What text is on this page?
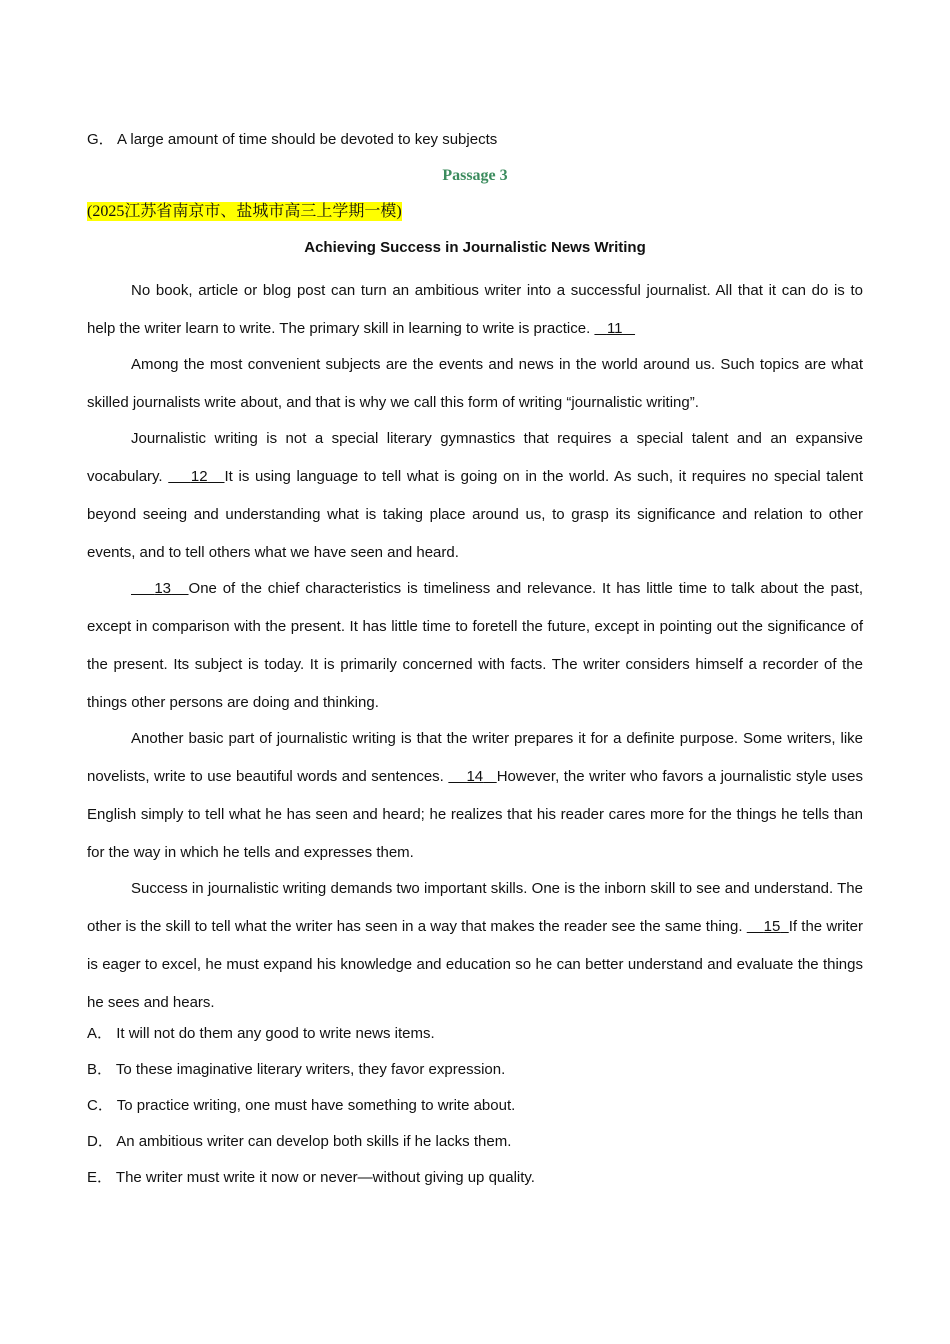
G． A large amount of time should be devoted to key subjects

Passage 3

(2025江苏省南京市、盐城市高三上学期一模)

Achieving Success in Journalistic News Writing

No book, article or blog post can turn an ambitious writer into a successful journalist. All that it can do is to help the writer learn to write. The primary skill in learning to write is practice.    11

Among the most convenient subjects are the events and news in the world around us. Such topics are what skilled journalists write about, and that is why we call this form of writing “journalistic writing”.

Journalistic writing is not a special literary gymnastics that requires a special talent and an expansive vocabulary.     12 It is using language to tell what is going on in the world. As such, it requires no special talent beyond seeing and understanding what is taking place around us, to grasp its significance and relation to other events, and to tell others what we have seen and heard.

13 One of the chief characteristics is timeliness and relevance. It has little time to talk about the past, except in comparison with the present. It has little time to foretell the future, except in pointing out the significance of the present. Its subject is today. It is primarily concerned with facts. The writer considers himself a recorder of the things other persons are doing and thinking.

Another basic part of journalistic writing is that the writer prepares it for a definite purpose. Some writers, like novelists, write to use beautiful words and sentences.     14 However, the writer who favors a journalistic style uses English simply to tell what he has seen and heard; he realizes that his reader cares more for the things he tells than for the way in which he tells and expresses them.

Success in journalistic writing demands two important skills. One is the inborn skill to see and understand. The other is the skill to tell what the writer has seen in a way that makes the reader see the same thing.     15 If the writer is eager to excel, he must expand his knowledge and education so he can better understand and evaluate the things he sees and hears.

A． It will not do them any good to write news items.

B． To these imaginative literary writers, they favor expression.

C． To practice writing, one must have something to write about.

D． An ambitious writer can develop both skills if he lacks them.

E． The writer must write it now or never—without giving up quality.
